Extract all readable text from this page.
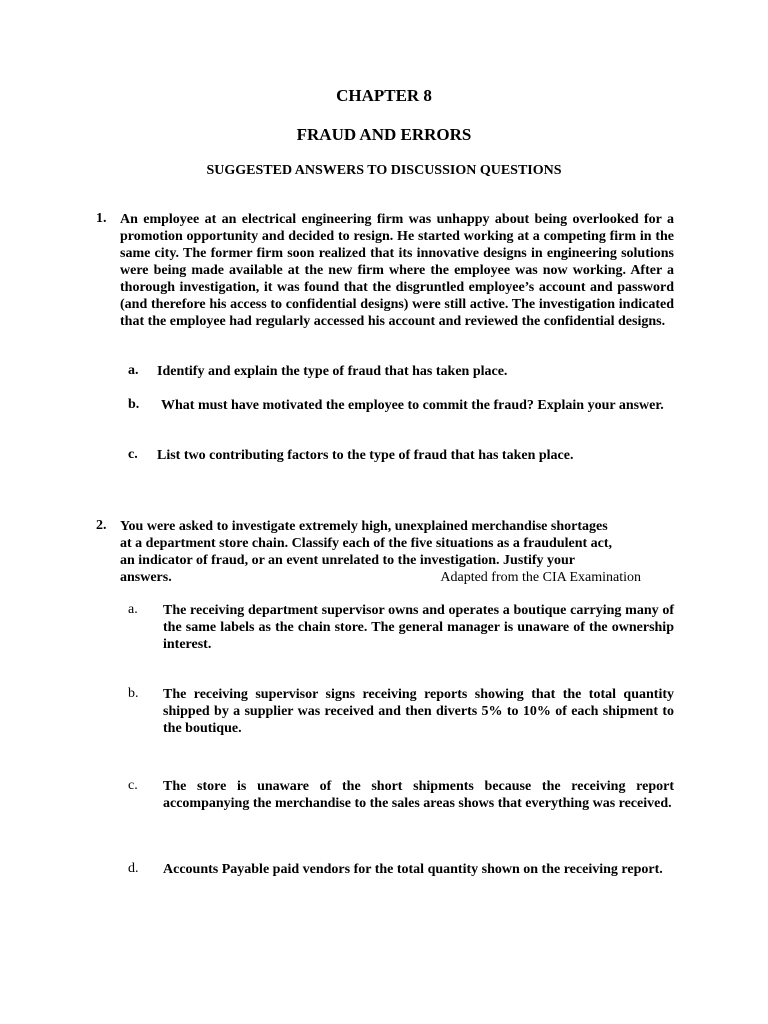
CHAPTER 8
FRAUD AND ERRORS
SUGGESTED ANSWERS TO DISCUSSION QUESTIONS
1. An employee at an electrical engineering firm was unhappy about being overlooked for a promotion opportunity and decided to resign. He started working at a competing firm in the same city. The former firm soon realized that its innovative designs in engineering solutions were being made available at the new firm where the employee was now working. After a thorough investigation, it was found that the disgruntled employee’s account and password (and therefore his access to confidential designs) were still active. The investigation indicated that the employee had regularly accessed his account and reviewed the confidential designs.
a. Identify and explain the type of fraud that has taken place.
b. What must have motivated the employee to commit the fraud? Explain your answer.
c. List two contributing factors to the type of fraud that has taken place.
2. You were asked to investigate extremely high, unexplained merchandise shortages
at a department store chain. Classify each of the five situations as a fraudulent act,
an indicator of fraud, or an event unrelated to the investigation. Justify your
answers.	Adapted from the CIA Examination
a. The receiving department supervisor owns and operates a boutique carrying many of the same labels as the chain store. The general manager is unaware of the ownership interest.
b. The receiving supervisor signs receiving reports showing that the total quantity shipped by a supplier was received and then diverts 5% to 10% of each shipment to the boutique.
c. The store is unaware of the short shipments because the receiving report accompanying the merchandise to the sales areas shows that everything was received.
d. Accounts Payable paid vendors for the total quantity shown on the receiving report.
